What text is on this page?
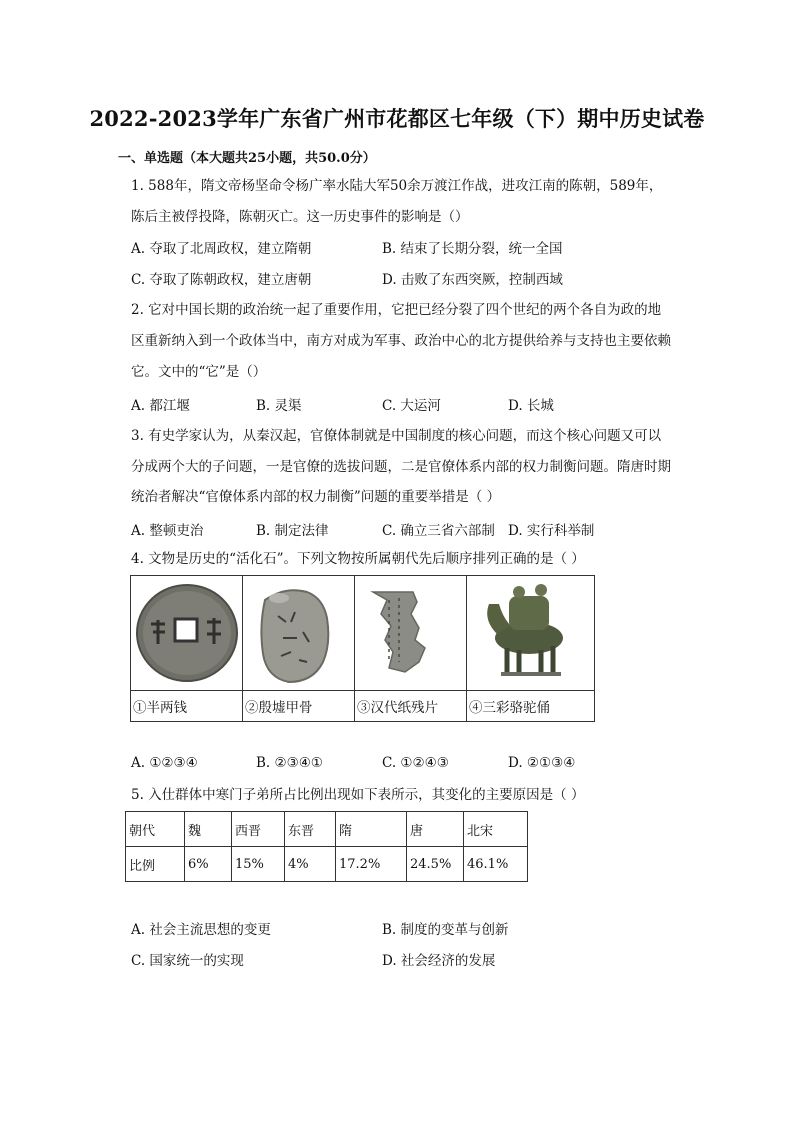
2022-2023学年广东省广州市花都区七年级（下）期中历史试卷
一、单选题（本大题共25小题，共50.0分）
1. 588年，隋文帝杨坚命令杨广率水陆大军50余万渡江作战，进攻江南的陈朝，589年，
陈后主被俘投降，陈朝灭亡。这一历史事件的影响是（）
A. 夺取了北周政权，建立隋朝	B. 结束了长期分裂，统一全国
C. 夺取了陈朝政权，建立唐朝	D. 击败了东西突厥，控制西域
2. 它对中国长期的政治统一起了重要作用，它把已经分裂了四个世纪的两个各自为政的地
区重新纳入到一个政体当中，南方对成为军事、政治中心的北方提供给养与支持也主要依赖
它。文中的“它”是（）
A. 都江堰	B. 灵渠	C. 大运河	D. 长城
3. 有史学家认为，从秦汉起，官僚体制就是中国制度的核心问题，而这个核心问题又可以
分成两个大的子问题，一是官僚的选拔问题，二是官僚体系内部的权力制衡问题。隋唐时期
统治者解决“官僚体系内部的权力制衡”问题的重要举措是（ ）
A. 整顿吏治	B. 制定法律	C. 确立三省六部制 D. 实行科举制
4. 文物是历史的“活化石”。下列文物按所属朝代先后顺序排列正确的是（ ）

①半两钱	②殷墟甲骨	③汉代纸残片	④三彩骆驼俑
A. ①②③④	B. ②③④①	C. ①②④③	D. ②①③④
5. 入仕群体中寒门子弟所占比例出现如下表所示，其变化的主要原因是（ ）
朝代	魏	西晋	东晋	隋	唐	北宋
比例	6%	15%	4%	17.2%	24.5%	46.1%
A. 社会主流思想的变更	B. 制度的变革与创新
C. 国家统一的实现	D. 社会经济的发展
